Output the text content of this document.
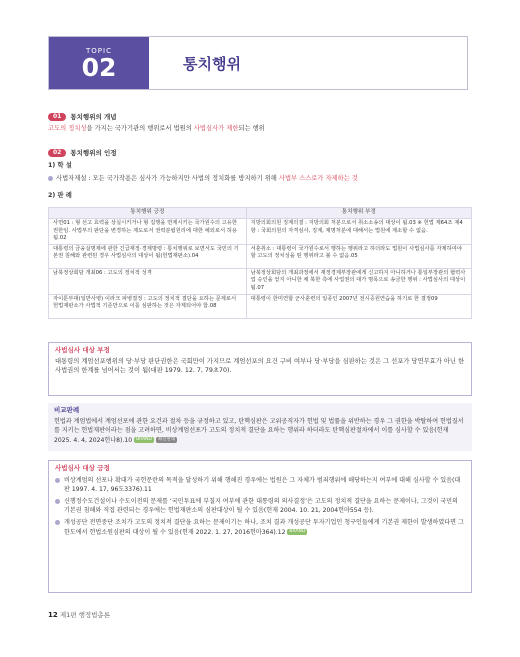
TOPIC
02	통치행위
01	통치행위의 개념
고도의 정치성을 가지는 국가기관의 행위로서 법원의 사법심사가 제한되는 행위
02	통치행위의 인정
1) 학 설
사법자제설 : 모든 국가작용은 심사가 가능하지만 사법의 정치화를 방지하기 위해 사법부 스스로가 자제하는 것
2) 판 례
통치행위 긍정	통치행위 부정
사면01 : 형 선고 효력을 상실시키거나 형 집행을 면제시키는 국가원수의 고유한 권한임. 사법부의 판단을 변경하는 제도로서 권력분립원리에 대한 예외로서 허용됨.02	지방의회의원 징계의결 : 지방의회 처분으로서 취소소송의 대상이 됨.03 ※ 헌법 제64조 제4항 : 국회의원의 자격심사, 징계, 제명처분에 대해서는 법원에 제소할 수 없음.
대통령의 금융실명제에 관한 긴급재정·경제명령 : 통치행위로 보면서도 국민의 기본권 침해와 관련된 경우 사법심사의 대상이 됨(헌법재판소).04	서훈취소 : 대통령이 국가원수로서 행하는 행위라고 하더라도 법원이 사법심사를 자제하여야 할 고도의 정치성을 띤 행위라고 볼 수 없음.05
남북정상회담 개최06 : 고도의 정치적 성격	남북정상회담의 개최과정에서 재정경제부장관에게 신고하지 아니하거나 통일부장관의 협력사업 승인을 얻지 아니한 채 북한 측에 사업권의 대가 명목으로 송금한 행위 : 사법심사의 대상이 됨.07
자이툰부대(일반사병) 이라크 파병결정 : 고도의 정치적 결단을 요하는 문제로서 헌법재판소가 사법적 기준만으로 이를 심판하는 것은 자제되어야 함.08	대통령이 한미연합 군사훈련의 일종인 2007년 전시증원연습을 하기로 한 결정09
사법심사 대상 부정
대통령의 계엄선포행위의 당·부당 판단권한은 국회만이 가지므로 계엄선포의 요건 구비 여부나 당·부당을 심판하는 것은 그 선포가 당연무효가 아닌 한 사법권의 한계를 넘어서는 것이 됨(대판 1979. 12. 7, 79초70).
비교판례
헌법과 계엄법에서 계엄선포에 관한 요건과 절차 등을 규정하고 있고, 탄핵심판은 고위공직자가 헌법 및 법률을 위반하는 경우 그 권한을 박탈하여 헌법질서를 지키는 헌법재판이라는 점을 고려하면, 비상계엄선포가 고도의 정치적 결단을 요하는 행위라 하더라도 탄핵심판절차에서 이를 심사할 수 있음(헌재 2025. 4. 4, 2024헌나8).10 BRAND 최신판례
사법심사 대상 긍정
비상계엄의 선포나 확대가 국헌문란의 목적을 달성하기 위해 행해진 경우에는 법원은 그 자체가 범죄행위에 해당하는지 여부에 대해 심사할 수 있음(대판 1997. 4. 17, 96도3376).11
신행정수도건설이나 수도이전의 문제를 ‘국민투표에 부칠지 여부에 관한 대통령의 의사결정’은 고도의 정치적 결단을 요하는 문제이나, 그것이 국민의 기본권 침해와 직접 관련되는 경우에는 헌법재판소의 심판대상이 될 수 있음(헌재 2004. 10. 21, 2004헌마554 등).
개성공단 전면중단 조치가 고도의 정치적 결단을 요하는 문제이기는 하나, 조치 결과 개성공단 투자기업인 청구인들에게 기본권 제한이 발생하였다면 그 한도에서 헌법소원심판의 대상이 될 수 있음(헌재 2022. 1. 27, 2016헌마364).12 BRAND
12 제1편 행정법총론
